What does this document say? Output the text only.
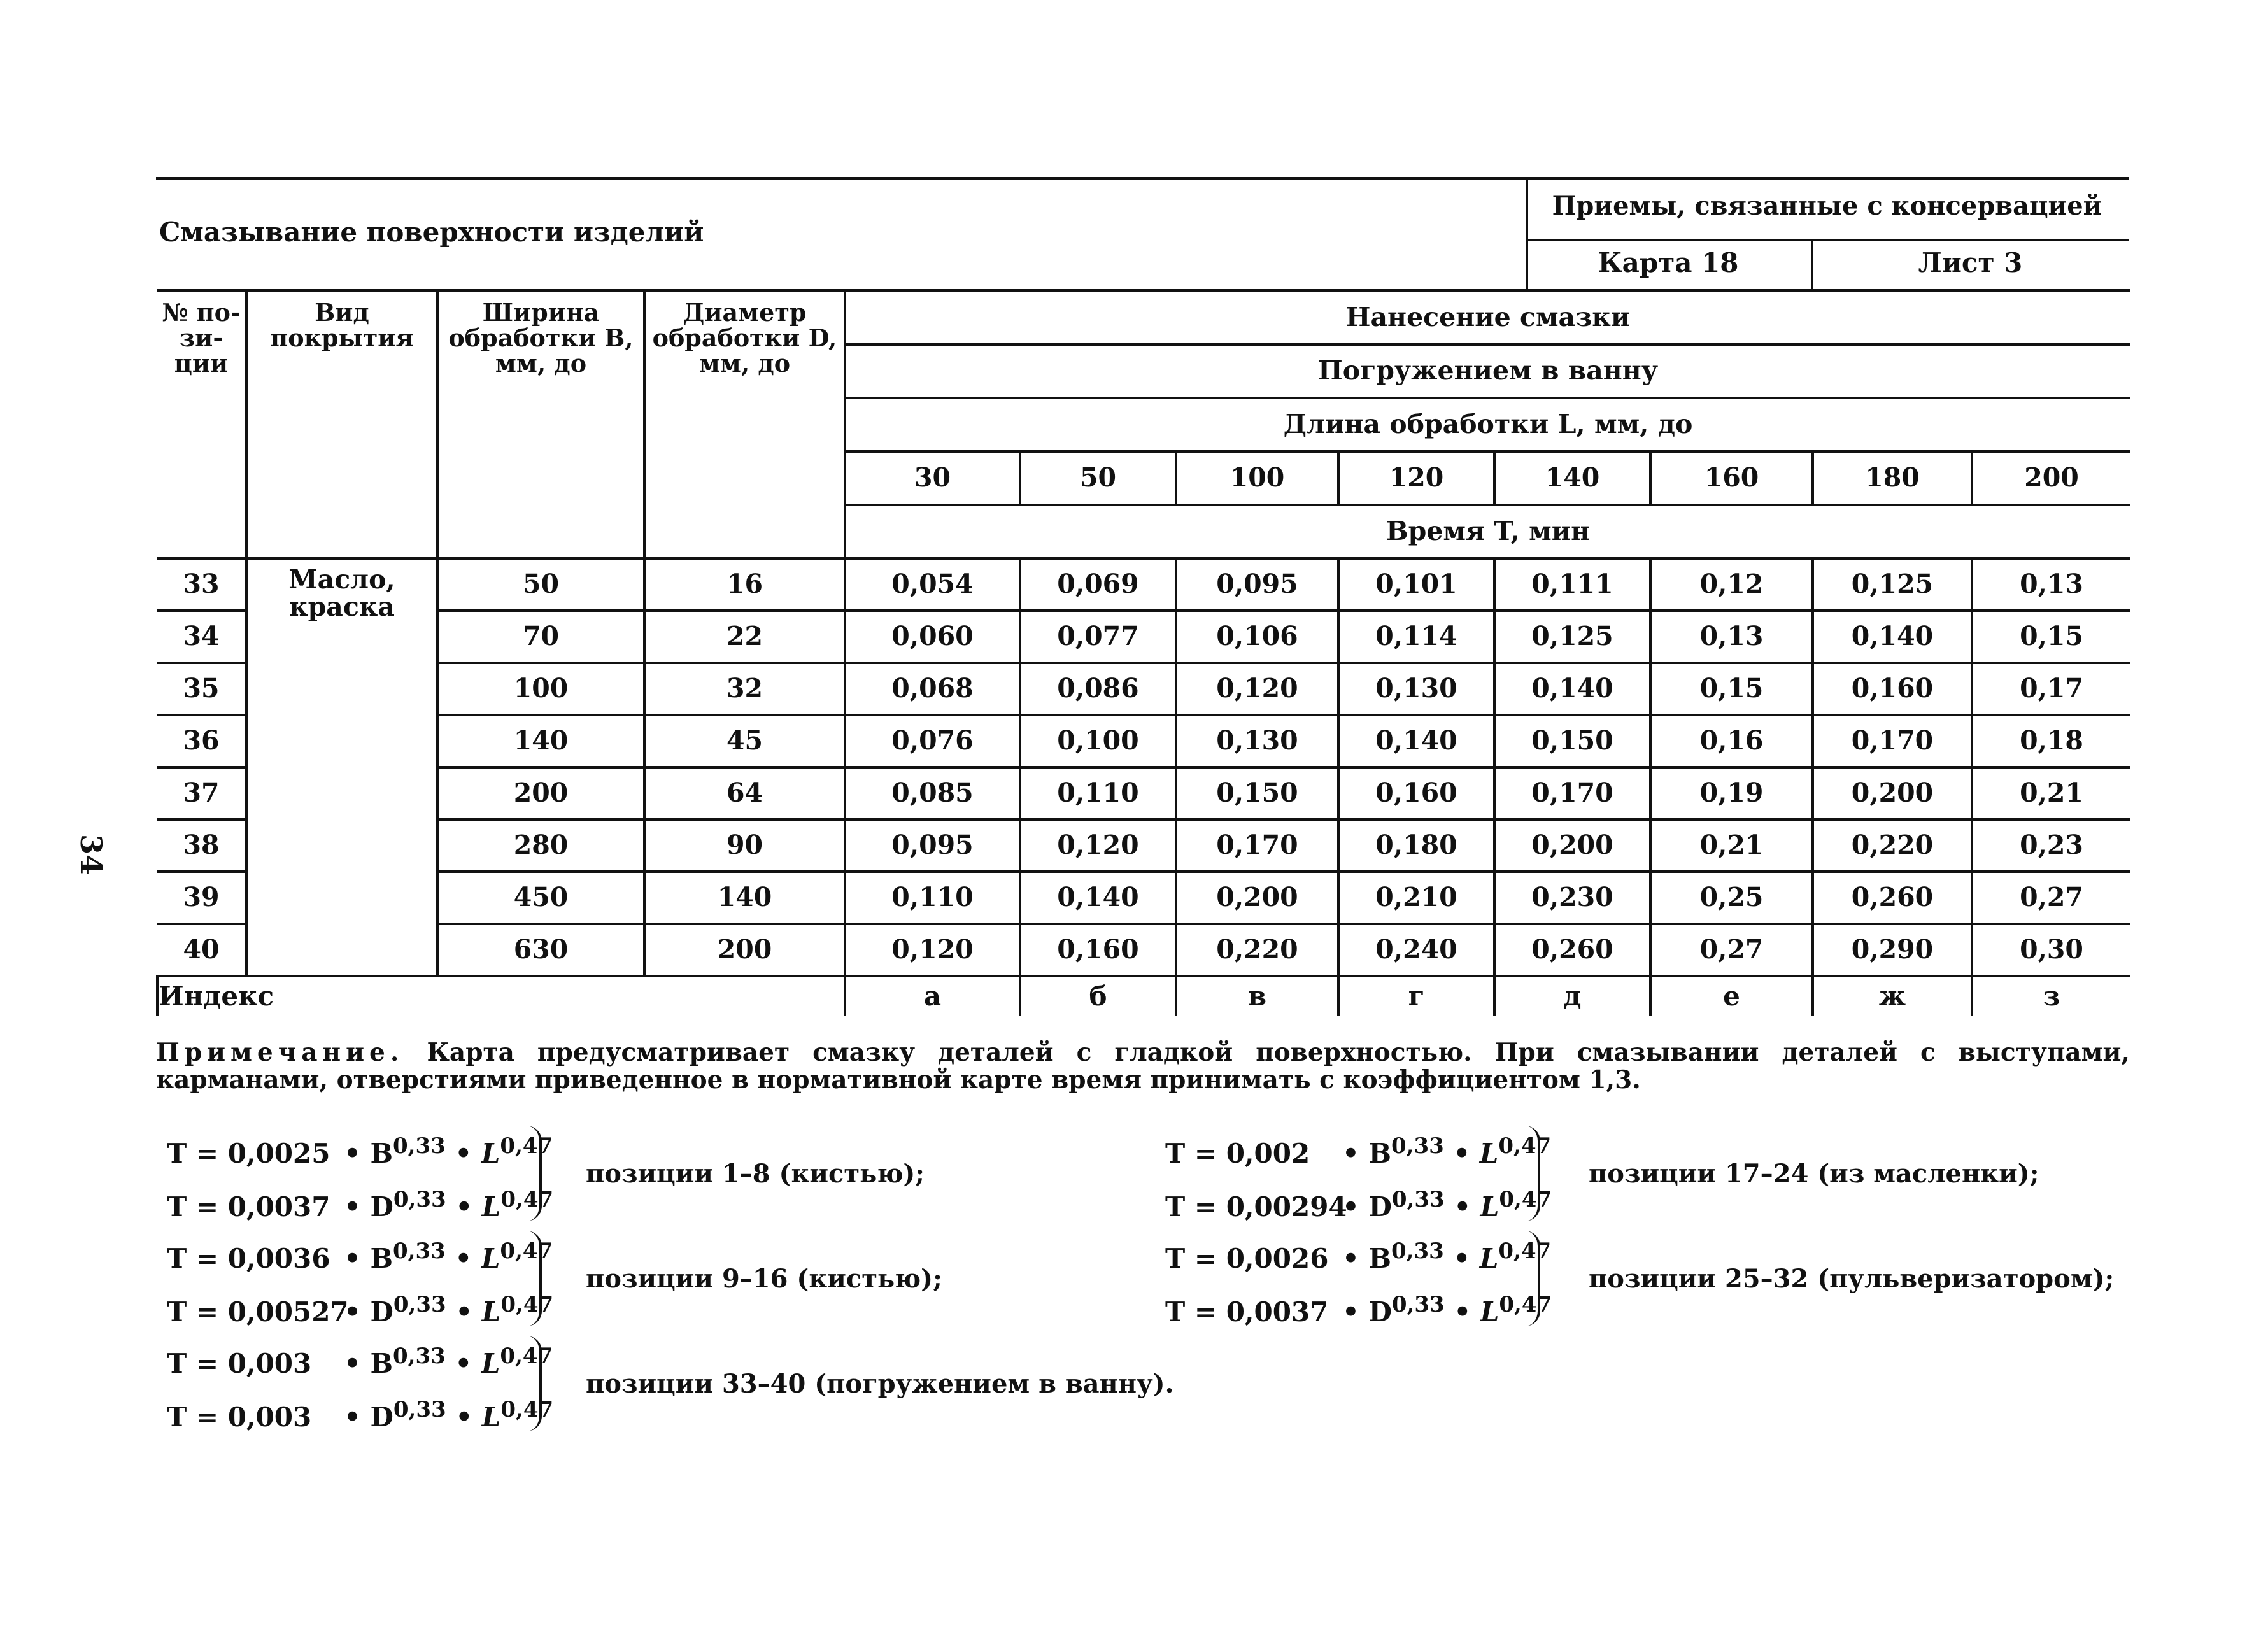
34
Смазывание поверхности изделий
Приемы, связанные с консервацией
Карта 18	Лист 3
№ по- зи- ции	Вид покрытия	Ширина обработки B, мм, до	Диаметр обработки D, мм, до	Нанесение смазки							
				Погружением в ванну							
				Длина обработки L, мм, до							
				30	50	100	120	140	160	180	200
				Время T, мин							
33	Масло, краска	50	16	0,054	0,069	0,095	0,101	0,111	0,12	0,125	0,13
34		70	22	0,060	0,077	0,106	0,114	0,125	0,13	0,140	0,15
35		100	32	0,068	0,086	0,120	0,130	0,140	0,15	0,160	0,17
36		140	45	0,076	0,100	0,130	0,140	0,150	0,16	0,170	0,18
37		200	64	0,085	0,110	0,150	0,160	0,170	0,19	0,200	0,21
38		280	90	0,095	0,120	0,170	0,180	0,200	0,21	0,220	0,23
39		450	140	0,110	0,140	0,200	0,210	0,230	0,25	0,260	0,27
40		630	200	0,120	0,160	0,220	0,240	0,260	0,27	0,290	0,30
Индекс				а	б	в	г	д	е	ж	з
Примечание. Карта предусматривает смазку деталей с гладкой поверхностью. При смазывании деталей с выступами, карманами, отверстиями приведенное в нормативной карте время принимать с коэффициентом 1,3.
T = 0,0025 • B$^{0,33}$ • L$^{0,47}$
T = 0,0037 • D$^{0,33}$ • L$^{0,47}$
позиции 1–8 (кистью);
T = 0,0036 • B$^{0,33}$ • L$^{0,47}$
T = 0,00527• D$^{0,33}$ • L$^{0,47}$
позиции 9–16 (кистью);
T = 0,003 • B$^{0,33}$ • L$^{0,47}$
T = 0,003 • D$^{0,33}$ • L$^{0,47}$
позиции 33–40 (погружением в ванну).
T = 0,002 • B$^{0,33}$ • L$^{0,47}$
T = 0,00294• D$^{0,33}$ • L$^{0,47}$
позиции 17–24 (из масленки);
T = 0,0026 • B$^{0,33}$ • L$^{0,47}$
T = 0,0037 • D$^{0,33}$ • L$^{0,47}$
позиции 25–32 (пульверизатором);
